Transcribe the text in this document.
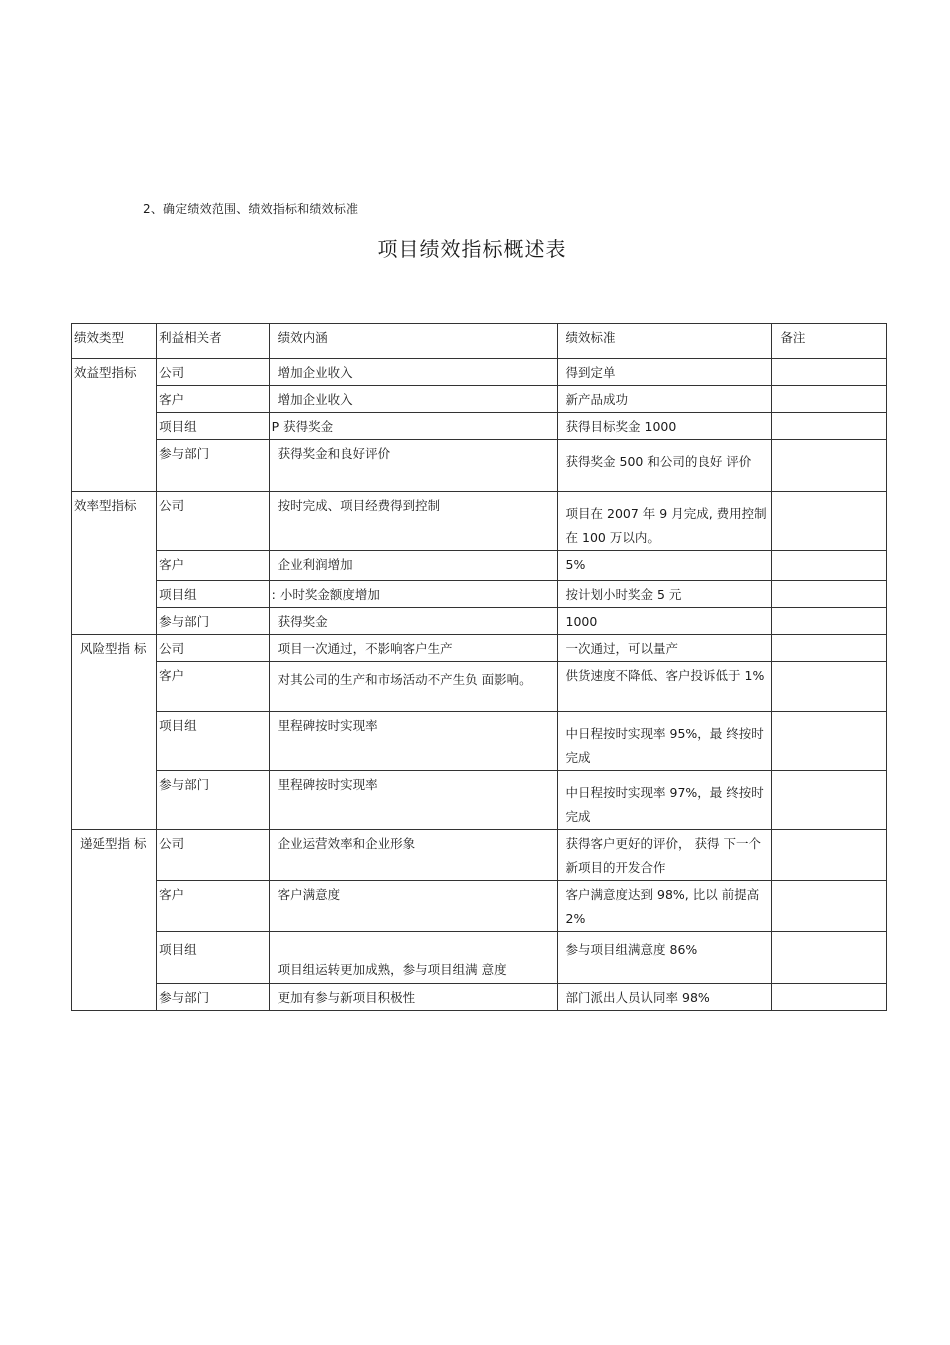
2、确定绩效范围、绩效指标和绩效标准
项目绩效指标概述表
绩效类型	利益相关者	绩效内涵	绩效标准	备注
效益型指标	公司	增加企业收入	得到定单	
	客户	增加企业收入	新产品成功	
	项目组	P 获得奖金	获得目标奖金 1000	
	参与部门	获得奖金和良好评价	获得奖金 500 和公司的良好 评价	
效率型指标	公司	按时完成、项目经费得到控制	项目在 2007 年 9 月完成, 费用控制在 100 万以内。	
	客户	企业利润增加	5%	
	项目组	: 小时奖金额度增加	按计划小时奖金 5 元	
	参与部门	获得奖金	1000	
风险型指 标	公司	项目一次通过，不影响客户生产	一次通过，可以量产	
	客户	对其公司的生产和市场活动不产生负 面影响。	供货速度不降低、客户投诉低于 1%	
	项目组	里程碑按时实现率	中日程按时实现率 95%，最 终按时完成	
	参与部门	里程碑按时实现率	中日程按时实现率 97%，最 终按时完成	
递延型指 标	公司	企业运营效率和企业形象	获得客户更好的评价， 获得 下一个新项目的开发合作	
	客户	客户满意度	客户满意度达到 98%, 比以 前提高 2%	
	项目组	项目组运转更加成熟，参与项目组满 意度	参与项目组满意度 86%	
	参与部门	更加有参与新项目积极性	部门派出人员认同率 98%	
